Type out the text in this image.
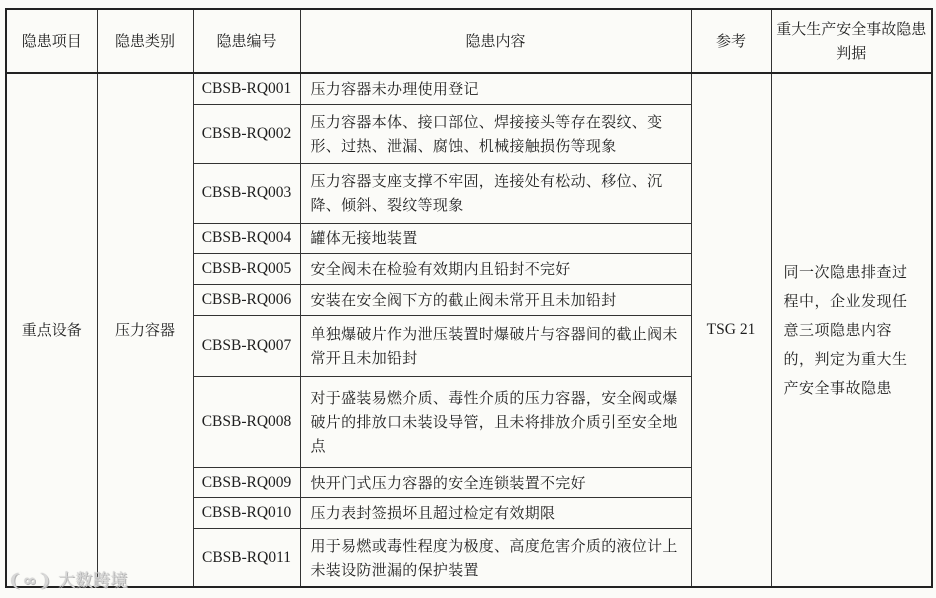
隐患项目	隐患类别	隐患编号	隐患内容	参考	重大生产安全事故隐患判据
重点设备	压力容器	CBSB-RQ001	压力容器未办理使用登记	TSG 21	同一次隐患排查过程中，企业发现任意三项隐患内容的，判定为重大生产安全事故隐患
		CBSB-RQ002	压力容器本体、接口部位、焊接接头等存在裂纹、变形、过热、泄漏、腐蚀、机械接触损伤等现象		
		CBSB-RQ003	压力容器支座支撑不牢固，连接处有松动、移位、沉降、倾斜、裂纹等现象		
		CBSB-RQ004	罐体无接地装置		
		CBSB-RQ005	安全阀未在检验有效期内且铅封不完好		
		CBSB-RQ006	安装在安全阀下方的截止阀未常开且未加铅封		
		CBSB-RQ007	单独爆破片作为泄压装置时爆破片与容器间的截止阀未常开且未加铅封		
		CBSB-RQ008	对于盛装易燃介质、毒性介质的压力容器，安全阀或爆破片的排放口未装设导管，且未将排放介质引至安全地点		
		CBSB-RQ009	快开门式压力容器的安全连锁装置不完好		
		CBSB-RQ010	压力表封签损坏且超过检定有效期限		
		CBSB-RQ011	用于易燃或毒性程度为极度、高度危害介质的液位计上未装设防泄漏的保护装置		
❨∞❩ 大数跨境
